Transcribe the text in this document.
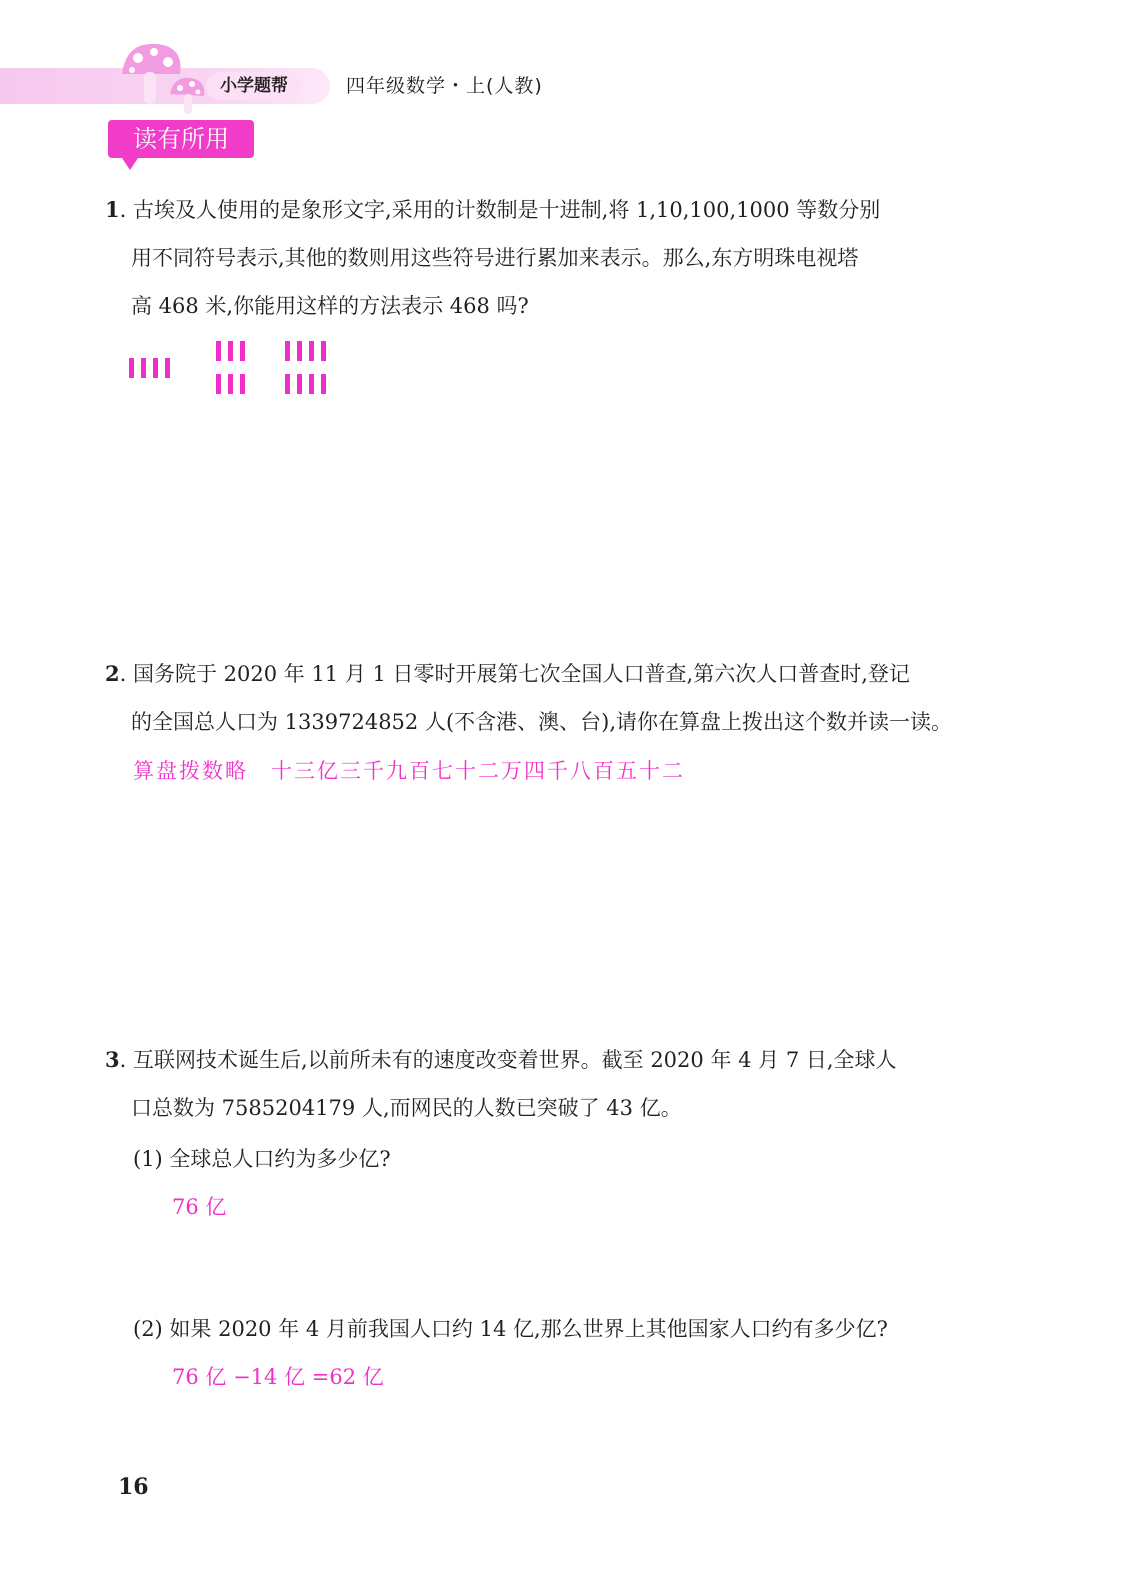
小学题帮	四年级数学・上(人教)
读有所用
1. 古埃及人使用的是象形文字,采用的计数制是十进制,将 1,10,100,1000 等数分别
用不同符号表示,其他的数则用这些符号进行累加来表示。那么,东方明珠电视塔
高 468 米,你能用这样的方法表示 468 吗?
2. 国务院于 2020 年 11 月 1 日零时开展第七次全国人口普查,第六次人口普查时,登记
的全国总人口为 1339724852 人(不含港、澳、台),请你在算盘上拨出这个数并读一读。
算盘拨数略　十三亿三千九百七十二万四千八百五十二
3. 互联网技术诞生后,以前所未有的速度改变着世界。截至 2020 年 4 月 7 日,全球人
口总数为 7585204179 人,而网民的人数已突破了 43 亿。
(1) 全球总人口约为多少亿?
76 亿
(2) 如果 2020 年 4 月前我国人口约 14 亿,那么世界上其他国家人口约有多少亿?
76 亿 −14 亿 =62 亿
16
